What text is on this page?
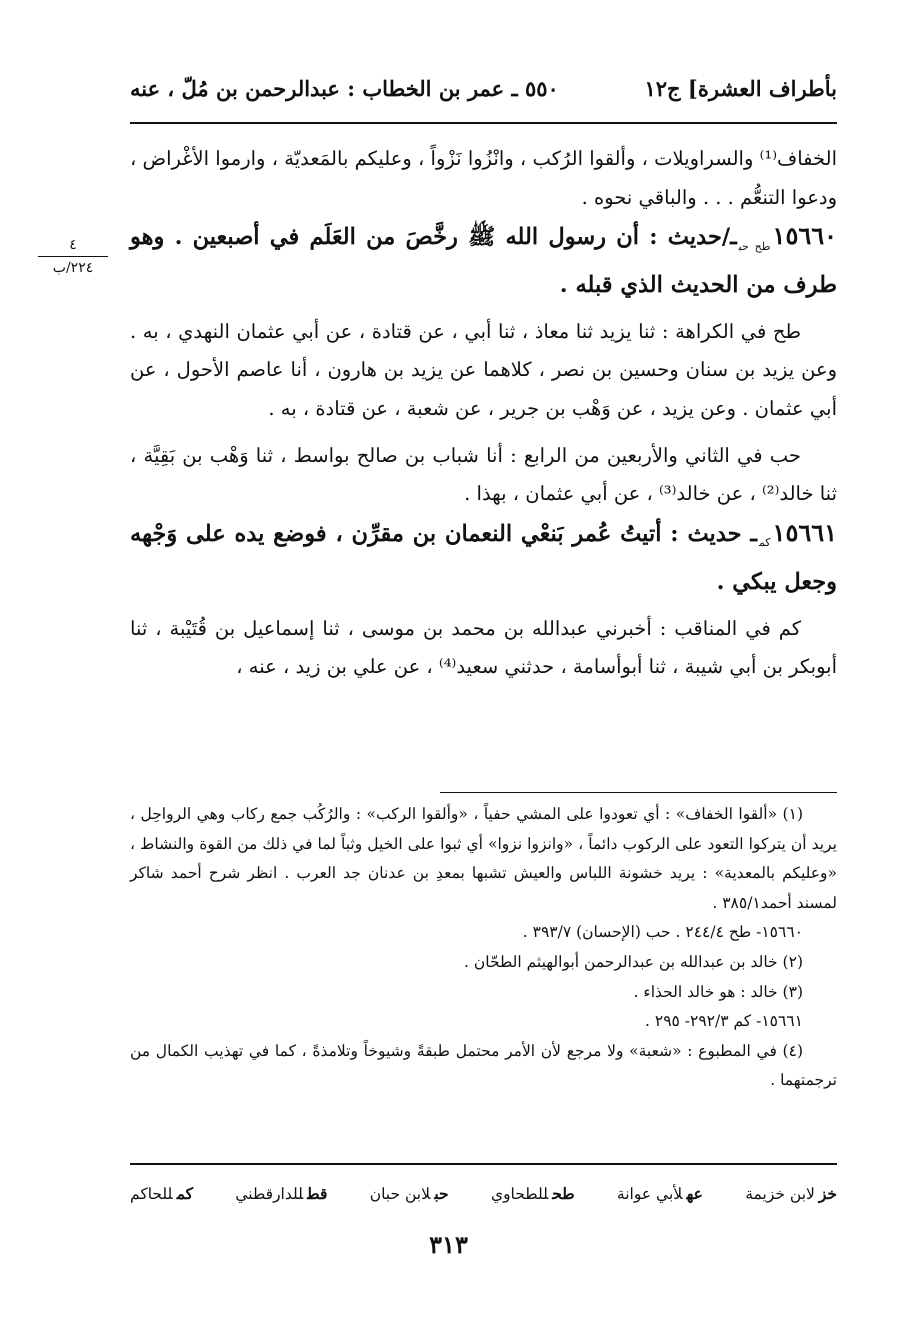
بأطراف العشرة] ج١٢
٥٥٠ ـ عمر بن الخطاب : عبدالرحمن بن مُلّ ، عنه
٤
٢٢٤/ب

الخفاف⁽¹⁾ والسراويلات ، وألقوا الرُكب ، وانْزُوا نَزْواً ، وعليكم بالمَعديّة ، وارموا الأغْراض ، ودعوا التنعُّم . . . والباقي نحوه .

$١٥٦٦٠_{طح حب}ـ$/حديث : أن رسول الله ﷺ رخَّصَ من العَلَم في أصبعين . وهو طرف من الحديث الذي قبله .

طح في الكراهة : ثنا يزيد ثنا معاذ ، ثنا أبي ، عن قتادة ، عن أبي عثمان النهدي ، به . وعن يزيد بن سنان وحسين بن نصر ، كلاهما عن يزيد بن هارون ، أنا عاصم الأحول ، عن أبي عثمان . وعن يزيد ، عن وَهْب بن جرير ، عن شعبة ، عن قتادة ، به .

حب في الثاني والأربعين من الرابع : أنا شباب بن صالح بواسط ، ثنا وَهْب بن بَقِيَّة ، ثنا خالد⁽²⁾ ، عن خالد⁽³⁾ ، عن أبي عثمان ، بهذا .

$١٥٦٦١_{كم}ـ$ حديث : أتيتُ عُمر بَنعْي النعمان بن مقرِّن ، فوضع يده على وَجْهه وجعل يبكي .

كم في المناقب : أخبرني عبدالله بن محمد بن موسى ، ثنا إسماعيل بن قُتَيْبة ، ثنا أبوبكر بن أبي شيبة ، ثنا أبوأسامة ، حدثني سعيد⁽⁴⁾ ، عن علي بن زيد ، عنه ،

(١) «ألقوا الخفاف» : أي تعودوا على المشي حفياً ، «وألقوا الركب» : والرُكُب جمع ركاب وهي الرواحِل ، يريد أن يتركوا التعود على الركوب دائماً ، «وانزوا نزوا» أي ثبوا على الخيل وثباً لما في ذلك من القوة والنشاط ، «وعليكم بالمعدية» : يريد خشونة اللباس والعيش تشبها بمعدِ بن عدنان جد العرب . انظر شرح أحمد شاكر لمسند أحمد٣٨٥/١ .

١٥٦٦٠- طح ٢٤٤/٤ . حب (الإحسان) ٣٩٣/٧ .

(٢) خالد بن عبدالله بن عبدالرحمن أبوالهيثم الطحّان .

(٣) خالد : هو خالد الحذاء .

١٥٦٦١- كم ٢٩٢/٣- ٢٩٥ .

(٤) في المطبوع : «شعبة» ولا مرجع لأن الأمر محتمل طبقةً وشيوخاً وتلامذةً ، كما في تهذيب الكمال من ترجمتهما .

خزلابن خزيمة
عهلأبي عوانة
طحللطحاوي
حبلابن حبان
قطللدارقطني
كمللحاكم
٣١٣
